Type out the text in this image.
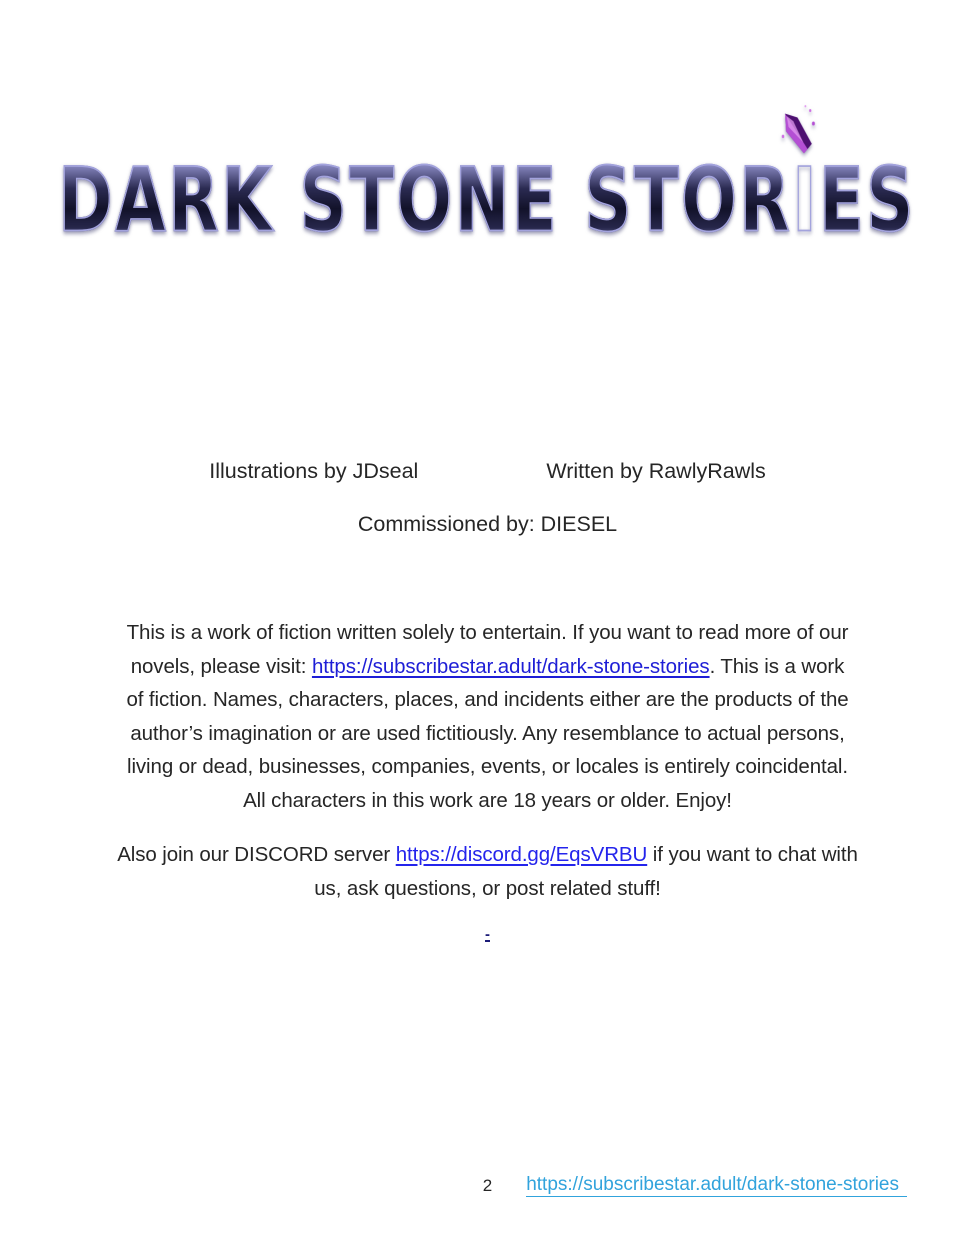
DARK STONE STORI
ES
Illustrations by JDseal	Written by RawlyRawls
Commissioned by: DIESEL
This is a work of fiction written solely to entertain. If you want to read more of our
novels, please visit: https://subscribestar.adult/dark-stone-stories. This is a work
of fiction. Names, characters, places, and incidents either are the products of the
author’s imagination or are used fictitiously. Any resemblance to actual persons,
living or dead, businesses, companies, events, or locales is entirely coincidental.
All characters in this work are 18 years or older. Enjoy!
Also join our DISCORD server https://discord.gg/EqsVRBU if you want to chat with
us, ask questions, or post related stuff!
-
2 https://subscribestar.adult/dark-stone-stories
